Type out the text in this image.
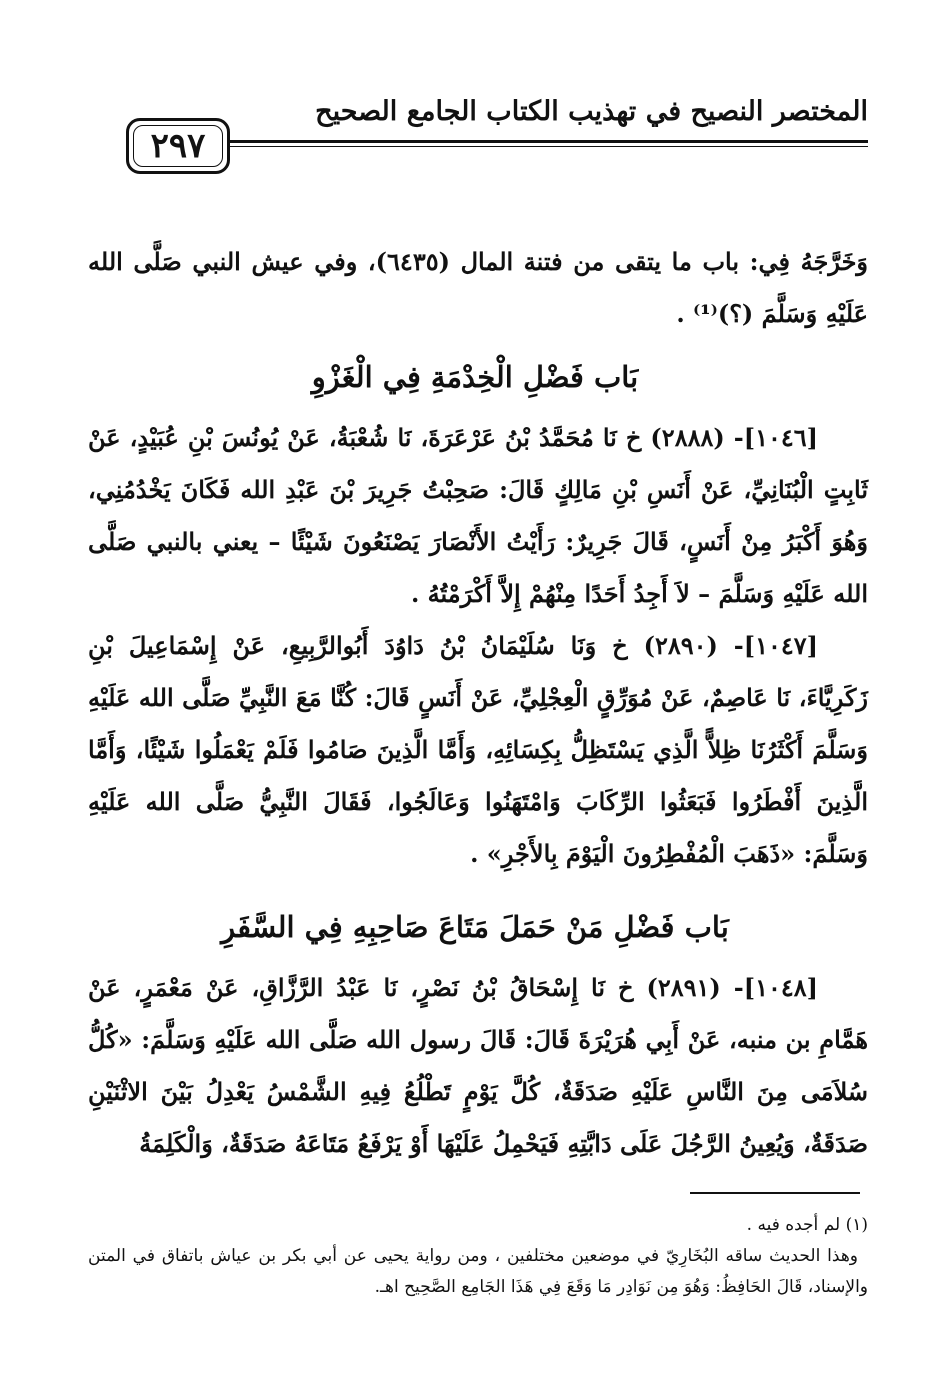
المختصر النصيح في تهذيب الكتاب الجامع الصحيح
٢٩٧

وَخَرَّجَهُ فِي: باب ما يتقى من فتنة المال (٦٤٣٥)، وفي عيش النبي صَلَّى الله عَلَيْهِ وَسَلَّمَ (؟)⁽¹⁾ .

بَاب فَضْلِ الْخِدْمَةِ فِي الْغَزْوِ

[١٠٤٦]- (٢٨٨٨) خ نَا مُحَمَّدُ بْنُ عَرْعَرَةَ، نَا شُعْبَةُ، عَنْ يُونُسَ بْنِ عُبَيْدٍ، عَنْ ثَابِتٍ الْبُنَانِيِّ، عَنْ أَنَسِ بْنِ مَالِكٍ قَالَ: صَحِبْتُ جَرِيرَ بْنَ عَبْدِ الله فَكَانَ يَخْدُمُنِي، وَهُوَ أَكْبَرُ مِنْ أَنَسٍ، قَالَ جَرِيرٌ: رَأَيْتُ الأَنْصَارَ يَصْنَعُونَ شَيْئًا – يعني بالنبي صَلَّى الله عَلَيْهِ وَسَلَّمَ – لاَ أَجِدُ أَحَدًا مِنْهُمْ إِلاَّ أَكْرَمْتُهُ .

[١٠٤٧]- (٢٨٩٠) خ وَنَا سُلَيْمَانُ بْنُ دَاوُدَ أَبُوالرَّبِيعِ، عَنْ إِسْمَاعِيلَ بْنِ زَكَرِيَّاءَ، نَا عَاصِمٌ، عَنْ مُوَرِّقٍ الْعِجْلِيِّ، عَنْ أَنَسٍ قَالَ: كُنَّا مَعَ النَّبِيِّ صَلَّى الله عَلَيْهِ وَسَلَّمَ أَكْثَرُنَا ظِلاًّ الَّذِي يَسْتَظِلُّ بِكِسَائِهِ، وَأَمَّا الَّذِينَ صَامُوا فَلَمْ يَعْمَلُوا شَيْئًا، وَأَمَّا الَّذِينَ أَفْطَرُوا فَبَعَثُوا الرِّكَابَ وَامْتَهَنُوا وَعَالَجُوا، فَقَالَ النَّبِيُّ صَلَّى الله عَلَيْهِ وَسَلَّمَ: «ذَهَبَ الْمُفْطِرُونَ الْيَوْمَ بِالأَجْرِ» .

بَاب فَضْلِ مَنْ حَمَلَ مَتَاعَ صَاحِبِهِ فِي السَّفَرِ

[١٠٤٨]- (٢٨٩١) خ نَا إِسْحَاقُ بْنُ نَصْرٍ، نَا عَبْدُ الرَّزَّاقِ، عَنْ مَعْمَرٍ، عَنْ هَمَّامِ بن منبه، عَنْ أَبِي هُرَيْرَةَ قَالَ: قَالَ رسول الله صَلَّى الله عَلَيْهِ وَسَلَّمَ: «كُلُّ سُلاَمَى مِنَ النَّاسِ عَلَيْهِ صَدَقَةٌ، كُلَّ يَوْمٍ تَطْلُعُ فِيهِ الشَّمْسُ يَعْدِلُ بَيْنَ الاثْنَيْنِ صَدَقَةٌ، وَيُعِينُ الرَّجُلَ عَلَى دَابَّتِهِ فَيَحْمِلُ عَلَيْهَا أَوْ يَرْفَعُ مَتَاعَهُ صَدَقَةٌ، وَالْكَلِمَةُ

(١) لم أجده فيه .

وهذا الحديث ساقه البُخَارِيّ في موضعين مختلفين ، ومن رواية يحيى عن أبي بكر بن عياش باتفاق في المتن والإسناد، قَالَ الحَافِظُ: وَهُوَ مِن نَوَادِر مَا وَقَعَ فِي هَذَا الجَامِع الصَّحِيح اهـ.
